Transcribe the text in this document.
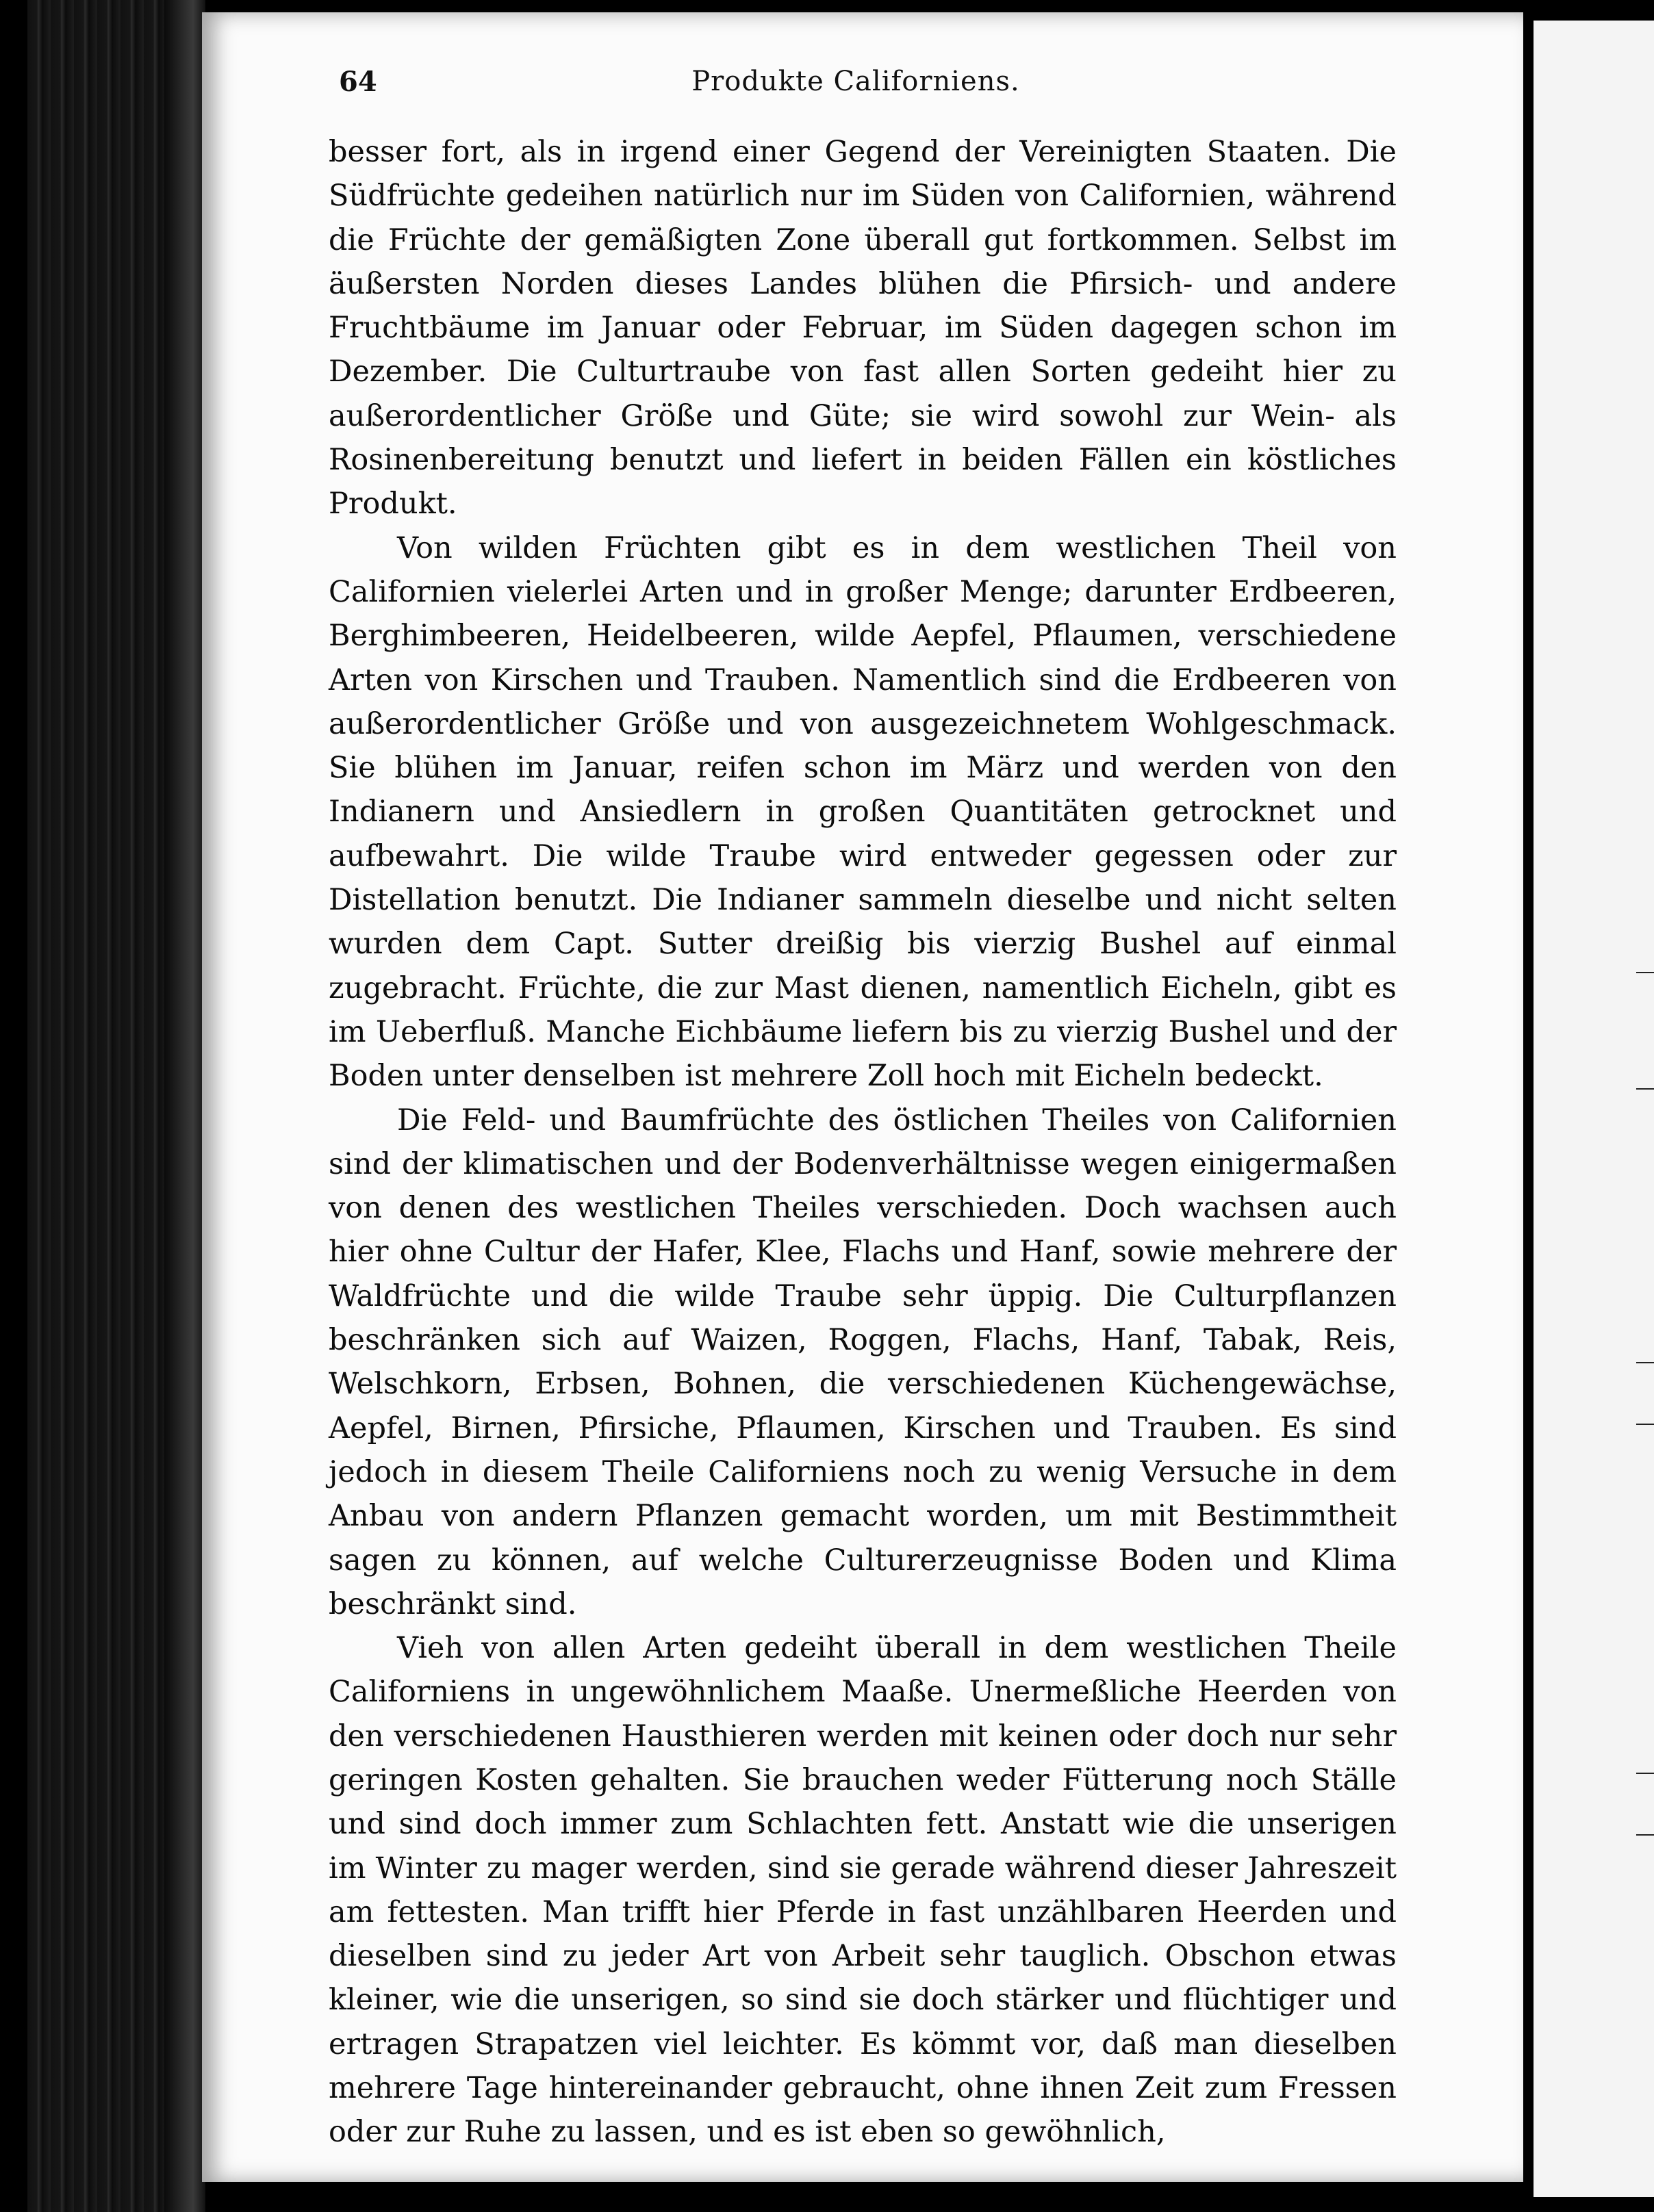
64	Produkte Californiens.

besser fort, als in irgend einer Gegend der Vereinigten Staaten. Die Südfrüchte gedeihen natürlich nur im Süden von Californien, während die Früchte der gemäßigten Zone überall gut fortkommen. Selbst im äußersten Norden dieses Landes blühen die Pfirsich- und andere Fruchtbäume im Januar oder Februar, im Süden dagegen schon im Dezember. Die Culturtraube von fast allen Sorten gedeiht hier zu außerordentlicher Größe und Güte; sie wird sowohl zur Wein- als Rosinenbereitung benutzt und liefert in beiden Fällen ein köstliches Produkt.

Von wilden Früchten gibt es in dem westlichen Theil von Californien vielerlei Arten und in großer Menge; darunter Erdbeeren, Berghimbeeren, Heidelbeeren, wilde Aepfel, Pflaumen, verschiedene Arten von Kirschen und Trauben. Namentlich sind die Erdbeeren von außerordentlicher Größe und von ausgezeichnetem Wohlgeschmack. Sie blühen im Januar, reifen schon im März und werden von den Indianern und Ansiedlern in großen Quantitäten getrocknet und aufbewahrt. Die wilde Traube wird entweder gegessen oder zur Distellation benutzt. Die Indianer sammeln dieselbe und nicht selten wurden dem Capt. Sutter dreißig bis vierzig Bushel auf einmal zugebracht. Früchte, die zur Mast dienen, namentlich Eicheln, gibt es im Ueberfluß. Manche Eichbäume liefern bis zu vierzig Bushel und der Boden unter denselben ist mehrere Zoll hoch mit Eicheln bedeckt.

Die Feld- und Baumfrüchte des östlichen Theiles von Californien sind der klimatischen und der Bodenverhältnisse wegen einigermaßen von denen des westlichen Theiles verschieden. Doch wachsen auch hier ohne Cultur der Hafer, Klee, Flachs und Hanf, sowie mehrere der Waldfrüchte und die wilde Traube sehr üppig. Die Culturpflanzen beschränken sich auf Waizen, Roggen, Flachs, Hanf, Tabak, Reis, Welschkorn, Erbsen, Bohnen, die verschiedenen Küchengewächse, Aepfel, Birnen, Pfirsiche, Pflaumen, Kirschen und Trauben. Es sind jedoch in diesem Theile Californiens noch zu wenig Versuche in dem Anbau von andern Pflanzen gemacht worden, um mit Bestimmtheit sagen zu können, auf welche Culturerzeugnisse Boden und Klima beschränkt sind.

Vieh von allen Arten gedeiht überall in dem westlichen Theile Californiens in ungewöhnlichem Maaße. Unermeßliche Heerden von den verschiedenen Hausthieren werden mit keinen oder doch nur sehr geringen Kosten gehalten. Sie brauchen weder Fütterung noch Ställe und sind doch immer zum Schlachten fett. Anstatt wie die unserigen im Winter zu mager werden, sind sie gerade während dieser Jahreszeit am fettesten. Man trifft hier Pferde in fast unzählbaren Heerden und dieselben sind zu jeder Art von Arbeit sehr tauglich. Obschon etwas kleiner, wie die unserigen, so sind sie doch stärker und flüchtiger und ertragen Strapatzen viel leichter. Es kömmt vor, daß man dieselben mehrere Tage hintereinander gebraucht, ohne ihnen Zeit zum Fressen oder zur Ruhe zu lassen, und es ist eben so gewöhnlich,
